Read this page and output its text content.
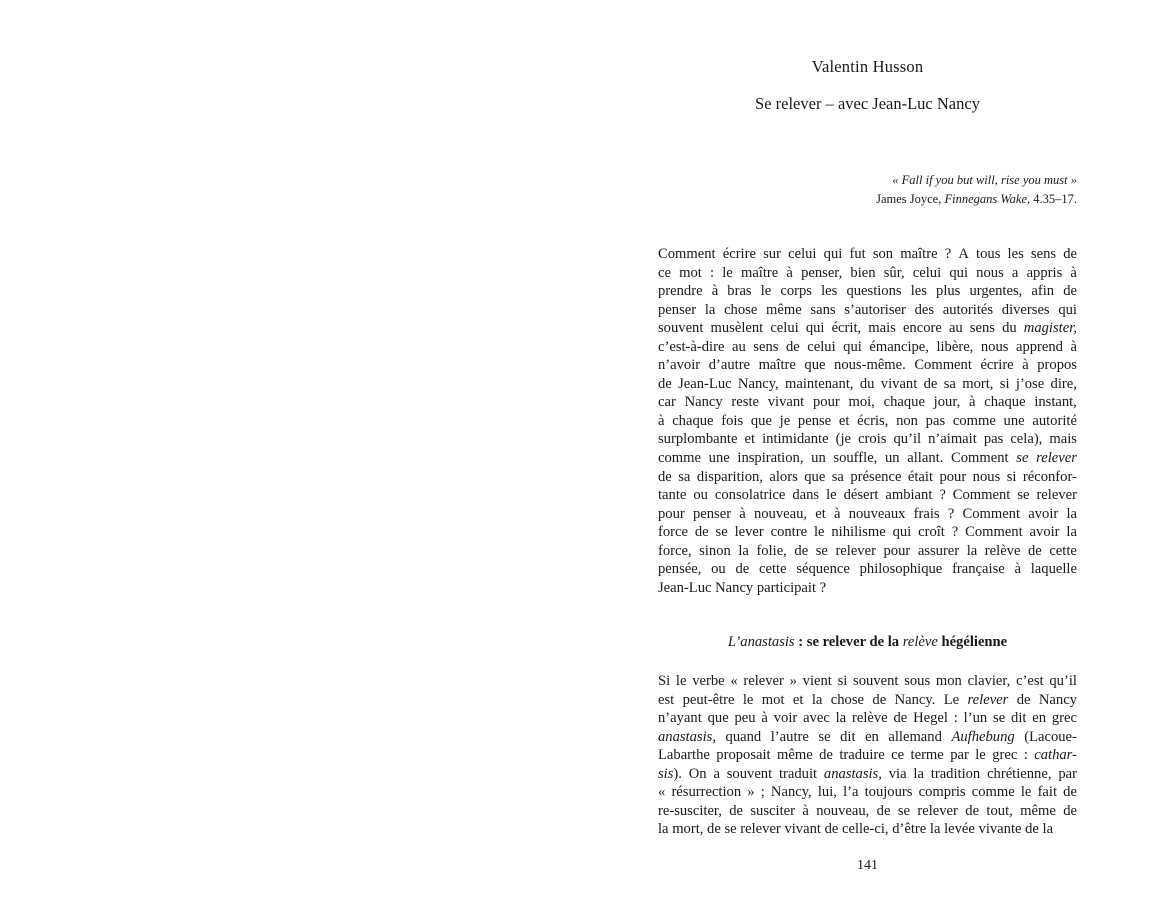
Valentin Husson
Se relever – avec Jean-Luc Nancy
« Fall if you but will, rise you must »
James Joyce, Finnegans Wake, 4.35–17.
Comment écrire sur celui qui fut son maître ? A tous les sens de
ce mot : le maître à penser, bien sûr, celui qui nous a appris à
prendre à bras le corps les questions les plus urgentes, afin de
penser la chose même sans s’autoriser des autorités diverses qui
souvent musèlent celui qui écrit, mais encore au sens du magister,
c’est-à-dire au sens de celui qui émancipe, libère, nous apprend à
n’avoir d’autre maître que nous-même. Comment écrire à propos
de Jean-Luc Nancy, maintenant, du vivant de sa mort, si j’ose dire,
car Nancy reste vivant pour moi, chaque jour, à chaque instant,
à chaque fois que je pense et écris, non pas comme une autorité
surplombante et intimidante (je crois qu’il n’aimait pas cela), mais
comme une inspiration, un souffle, un allant. Comment se relever
de sa disparition, alors que sa présence était pour nous si réconfor-
tante ou consolatrice dans le désert ambiant ? Comment se relever
pour penser à nouveau, et à nouveaux frais ? Comment avoir la
force de se lever contre le nihilisme qui croît ? Comment avoir la
force, sinon la folie, de se relever pour assurer la relève de cette
pensée, ou de cette séquence philosophique française à laquelle
Jean-Luc Nancy participait ?
L’anastasis : se relever de la relève hégélienne
Si le verbe « relever » vient si souvent sous mon clavier, c’est qu’il
est peut-être le mot et la chose de Nancy. Le relever de Nancy
n’ayant que peu à voir avec la relève de Hegel : l’un se dit en grec
anastasis, quand l’autre se dit en allemand Aufhebung (Lacoue-
Labarthe proposait même de traduire ce terme par le grec : cathar-
sis). On a souvent traduit anastasis, via la tradition chrétienne, par
« résurrection » ; Nancy, lui, l’a toujours compris comme le fait de
re-susciter, de susciter à nouveau, de se relever de tout, même de
la mort, de se relever vivant de celle-ci, d’être la levée vivante de la
141
